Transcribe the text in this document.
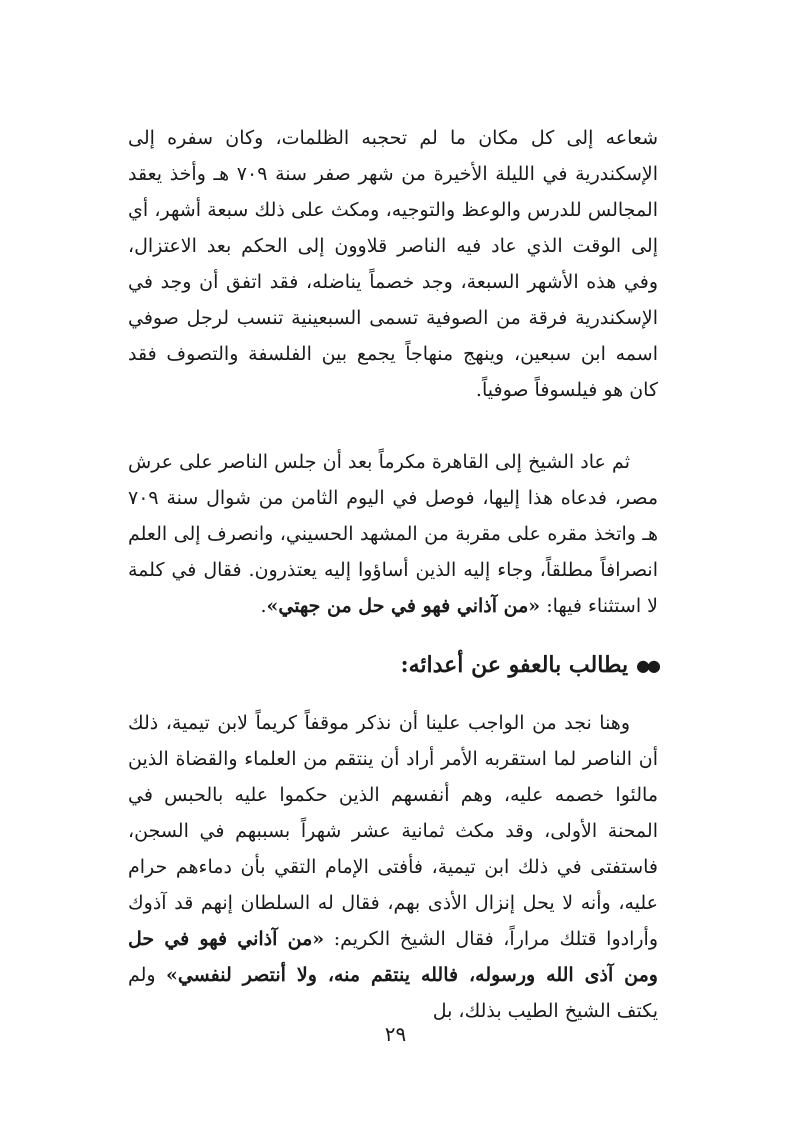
شعاعه إلى كل مكان ما لم تحجبه الظلمات، وكان سفره إلى الإسكندرية في الليلة الأخيرة من شهر صفر سنة ٧٠٩ هـ وأخذ يعقد المجالس للدرس والوعظ والتوجيه، ومكث على ذلك سبعة أشهر، أي إلى الوقت الذي عاد فيه الناصر قلاوون إلى الحكم بعد الاعتزال، وفي هذه الأشهر السبعة، وجد خصماً يناضله، فقد اتفق أن وجد في الإسكندرية فرقة من الصوفية تسمى السبعينية تنسب لرجل صوفي اسمه ابن سبعين، وينهج منهاجاً يجمع بين الفلسفة والتصوف فقد كان هو فيلسوفاً صوفياً.

ثم عاد الشيخ إلى القاهرة مكرماً بعد أن جلس الناصر على عرش مصر، فدعاه هذا إليها، فوصل في اليوم الثامن من شوال سنة ٧٠٩ هـ واتخذ مقره على مقربة من المشهد الحسيني، وانصرف إلى العلم انصرافاً مطلقاً، وجاء إليه الذين أساؤوا إليه يعتذرون. فقال في كلمة لا استثناء فيها: «من آذاني فهو في حل من جهتي».

●●يطالب بالعفو عن أعدائه:

وهنا نجد من الواجب علينا أن نذكر موقفاً كريماً لابن تيمية، ذلك أن الناصر لما استقربه الأمر أراد أن ينتقم من العلماء والقضاة الذين مالئوا خصمه عليه، وهم أنفسهم الذين حكموا عليه بالحبس في المحنة الأولى، وقد مكث ثمانية عشر شهراً بسببهم في السجن، فاستفتى في ذلك ابن تيمية، فأفتى الإمام التقي بأن دماءهم حرام عليه، وأنه لا يحل إنزال الأذى بهم، فقال له السلطان إنهم قد آذوك وأرادوا قتلك مراراً، فقال الشيخ الكريم: «من آذاني فهو في حل ومن آذى الله ورسوله، فالله ينتقم منه، ولا أنتصر لنفسي» ولم يكتف الشيخ الطيب بذلك، بل

٢٩
